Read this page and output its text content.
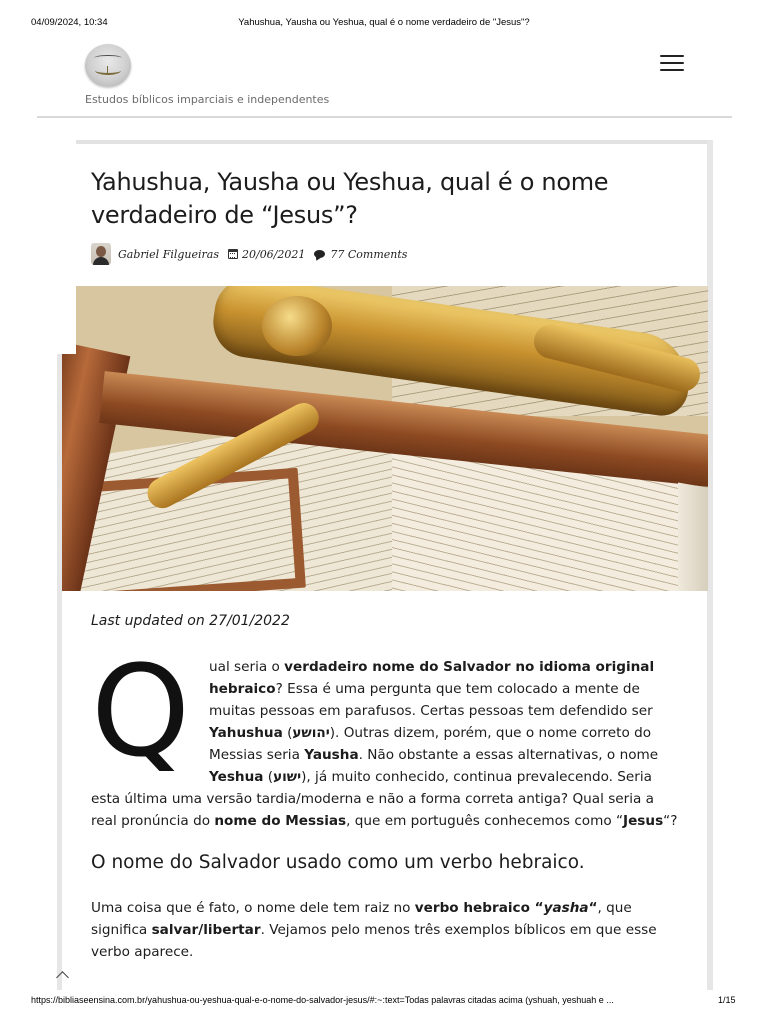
04/09/2024, 10:34	Yahushua, Yausha ou Yeshua, qual é o nome verdadeiro de "Jesus"?
Estudos bíblicos imparciais e independentes
Yahushua, Yausha ou Yeshua, qual é o nome verdadeiro de “Jesus”?
Gabriel Filgueiras 20/06/2021 77 Comments
Last updated on 27/01/2022
Q	ual seria o verdadeiro nome do Salvador no idioma original hebraico? Essa é uma pergunta que tem colocado a mente de muitas pessoas em parafusos. Certas pessoas tem defendido ser Yahushua (יהושע). Outras dizem, porém, que o nome correto do Messias seria Yausha. Não obstante a essas alternativas, o nome Yeshua (ישוע), já muito conhecido, continua prevalecendo. Seria esta última uma versão tardia/moderna e não a forma correta antiga? Qual seria a real pronúncia do nome do Messias, que em português conhecemos como “Jesus“?
O nome do Salvador usado como um verbo hebraico.

Uma coisa que é fato, o nome dele tem raiz no verbo hebraico “yasha“, que significa salvar/libertar. Vejamos pelo menos três exemplos bíblicos em que esse verbo aparece.

https://bibliaseensina.com.br/yahushua-ou-yeshua-qual-e-o-nome-do-salvador-jesus/#:~:text=Todas palavras citadas acima (yshuah, yeshuah e ...	1/15
